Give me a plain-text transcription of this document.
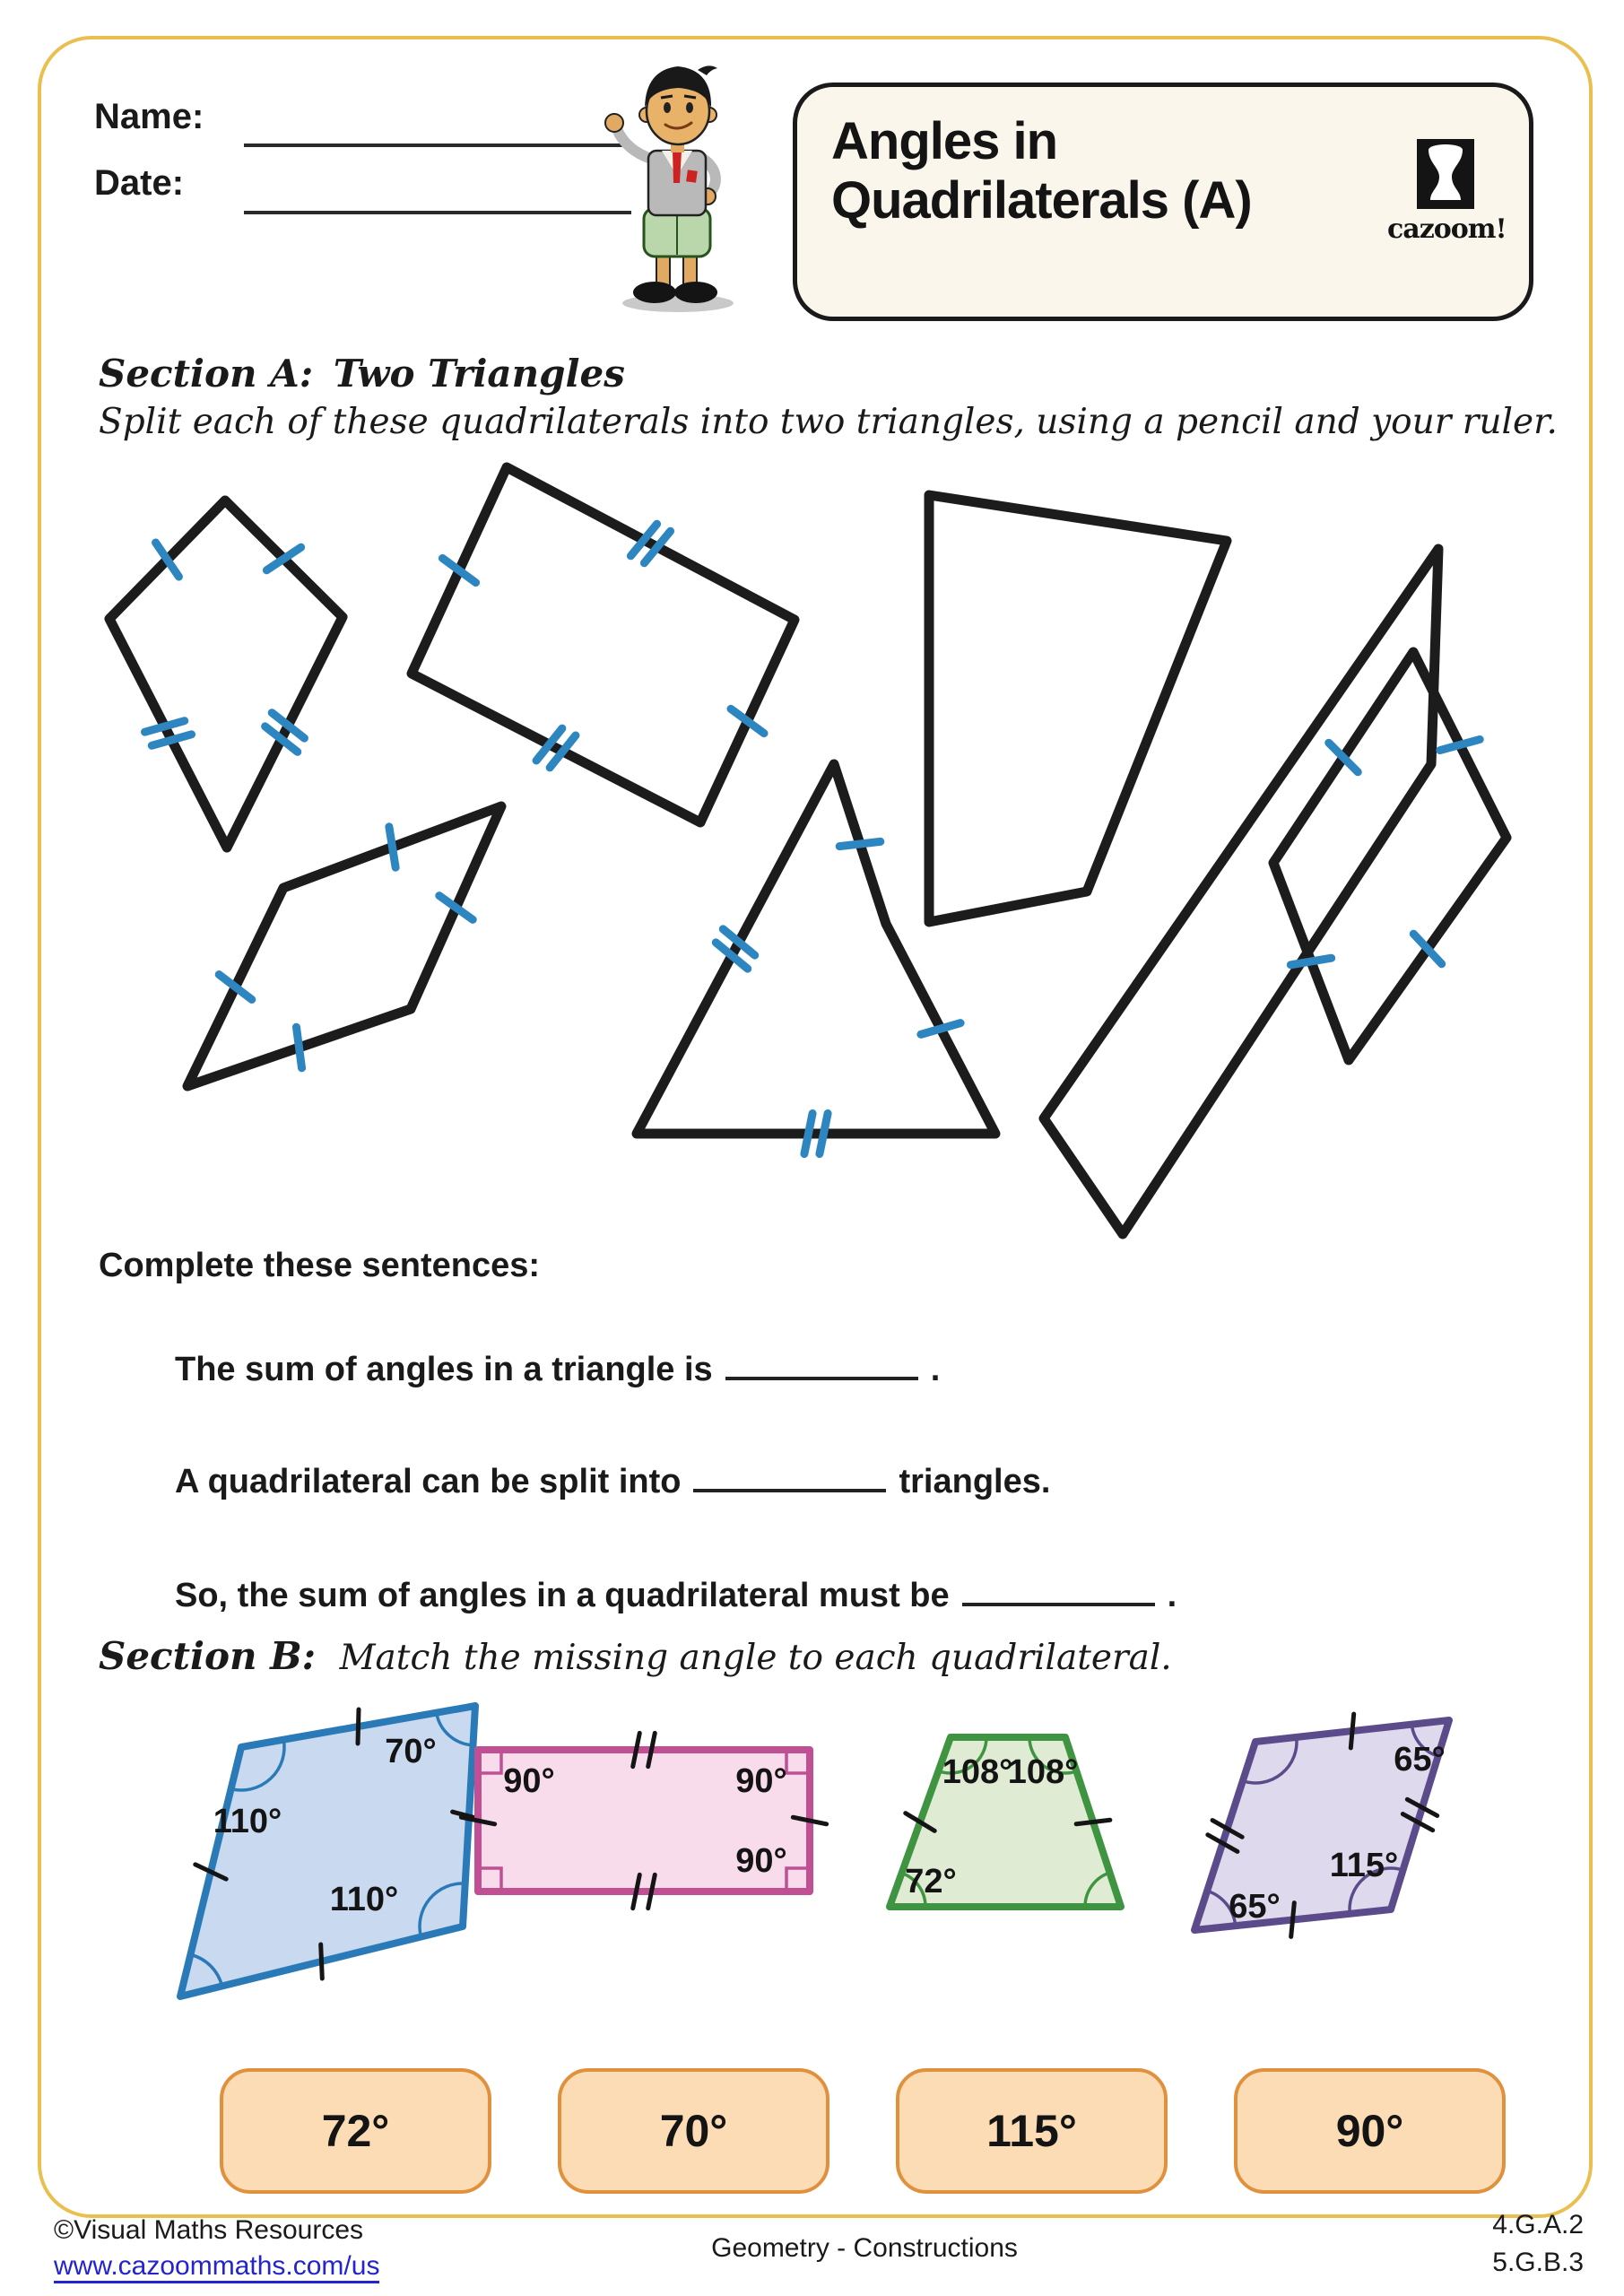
Name:
Date:
Angles in
Quadrilaterals (A)	cazoom!
Section A: Two Triangles
Split each of these quadrilaterals into two triangles, using a pencil and your ruler.
Complete these sentences:
The sum of angles in a triangle is	.
A quadrilateral can be split into	triangles.
So, the sum of angles in a quadrilateral must be	.
Section B: Match the missing angle to each quadrilateral.
110°
70°
110°
90°	90°
90°
108°
108°
72°
65°
115°
65°
72°	70°	115°	90°
©Visual Maths Resources
www.cazoommaths.com/us
Geometry - Constructions
4.G.A.2
5.G.B.3
